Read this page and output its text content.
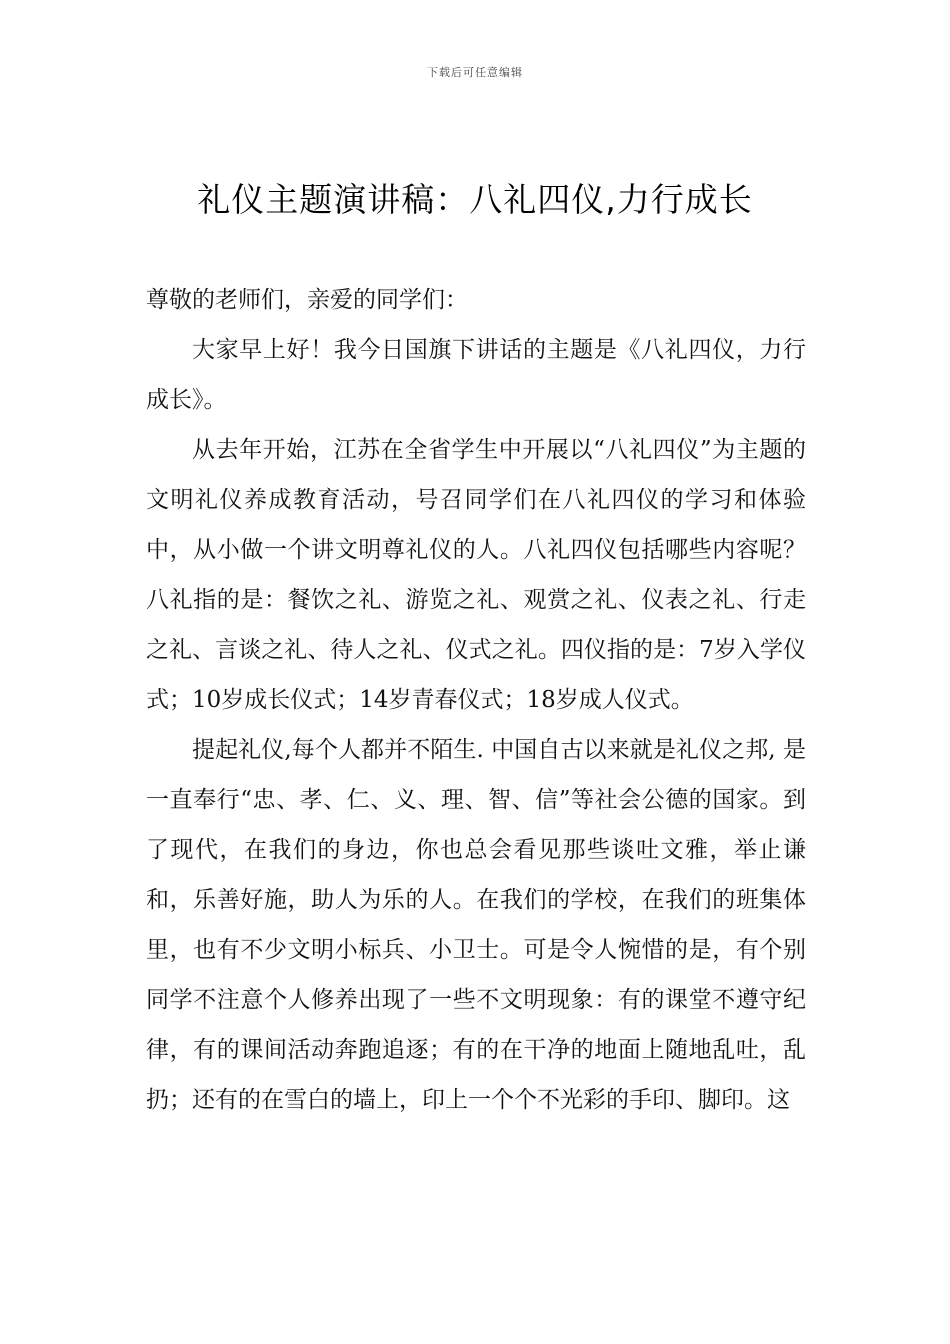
下载后可任意编辑
礼仪主题演讲稿：八礼四仪,力行成长

尊敬的老师们，亲爱的同学们：

大家早上好！我今日国旗下讲话的主题是《八礼四仪，力行成长》。

从去年开始，江苏在全省学生中开展以“八礼四仪”为主题的文明礼仪养成教育活动，号召同学们在八礼四仪的学习和体验中，从小做一个讲文明尊礼仪的人。八礼四仪包括哪些内容呢？八礼指的是：餐饮之礼、游览之礼、观赏之礼、仪表之礼、行走之礼、言谈之礼、待人之礼、仪式之礼。四仪指的是：7岁入学仪式；10岁成长仪式；14岁青春仪式；18岁成人仪式。

提起礼仪,每个人都并不陌生. 中国自古以来就是礼仪之邦, 是一直奉行“忠、孝、仁、义、理、智、信”等社会公德的国家。到了现代，在我们的身边，你也总会看见那些谈吐文雅，举止谦和，乐善好施，助人为乐的人。在我们的学校，在我们的班集体里，也有不少文明小标兵、小卫士。可是令人惋惜的是，有个别同学不注意个人修养出现了一些不文明现象：有的课堂不遵守纪律，有的课间活动奔跑追逐；有的在干净的地面上随地乱吐，乱扔；还有的在雪白的墙上，印上一个个不光彩的手印、脚印。这
